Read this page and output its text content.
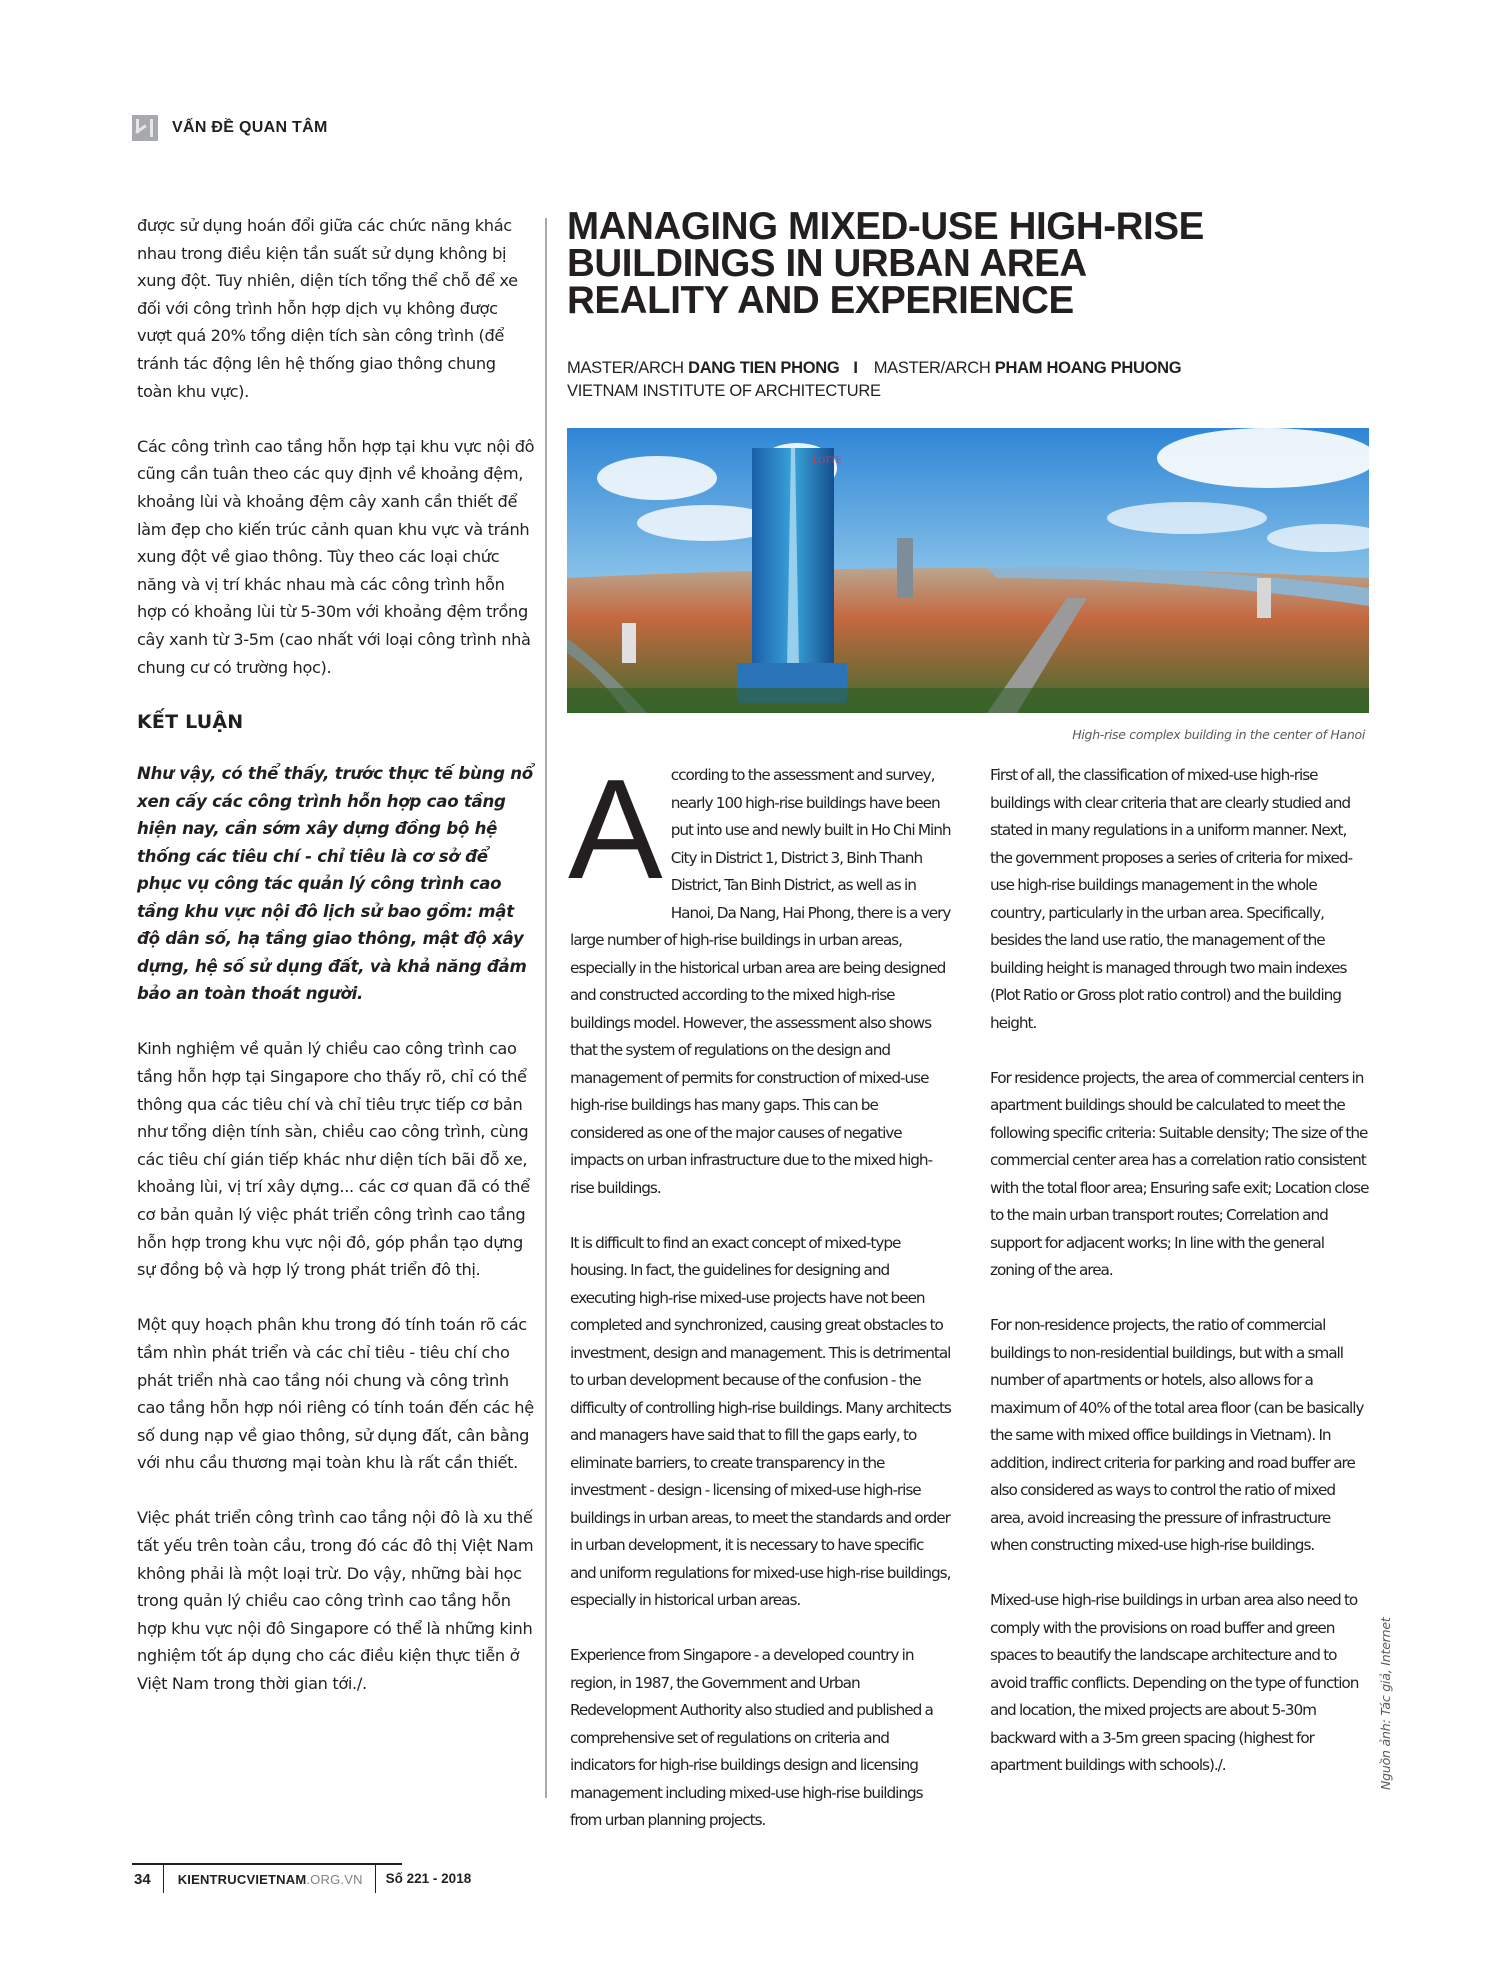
VẤN ĐỀ QUAN TÂM

được sử dụng hoán đổi giữa các chức năng khác nhau trong điều kiện tần suất sử dụng không bị xung đột. Tuy nhiên, diện tích tổng thể chỗ để xe đối với công trình hỗn hợp dịch vụ không được vượt quá 20% tổng diện tích sàn công trình (để tránh tác động lên hệ thống giao thông chung toàn khu vực).

Các công trình cao tầng hỗn hợp tại khu vực nội đô cũng cần tuân theo các quy định về khoảng đệm, khoảng lùi và khoảng đệm cây xanh cần thiết để làm đẹp cho kiến trúc cảnh quan khu vực và tránh xung đột về giao thông. Tùy theo các loại chức năng và vị trí khác nhau mà các công trình hỗn hợp có khoảng lùi từ 5-30m với khoảng đệm trồng cây xanh từ 3-5m (cao nhất với loại công trình nhà chung cư có trường học).

KẾT LUẬN

Như vậy, có thể thấy, trước thực tế bùng nổ xen cấy các công trình hỗn hợp cao tầng hiện nay, cần sớm xây dựng đồng bộ hệ thống các tiêu chí - chỉ tiêu là cơ sở để phục vụ công tác quản lý công trình cao tầng khu vực nội đô lịch sử bao gồm: mật độ dân số, hạ tầng giao thông, mật độ xây dựng, hệ số sử dụng đất, và khả năng đảm bảo an toàn thoát người.

Kinh nghiệm về quản lý chiều cao công trình cao tầng hỗn hợp tại Singapore cho thấy rõ, chỉ có thể thông qua các tiêu chí và chỉ tiêu trực tiếp cơ bản như tổng diện tính sàn, chiều cao công trình, cùng các tiêu chí gián tiếp khác như diện tích bãi đỗ xe, khoảng lùi, vị trí xây dựng... các cơ quan đã có thể cơ bản quản lý việc phát triển công trình cao tầng hỗn hợp trong khu vực nội đô, góp phần tạo dựng sự đồng bộ và hợp lý trong phát triển đô thị.

Một quy hoạch phân khu trong đó tính toán rõ các tầm nhìn phát triển và các chỉ tiêu - tiêu chí cho phát triển nhà cao tầng nói chung và công trình cao tầng hỗn hợp nói riêng có tính toán đến các hệ số dung nạp về giao thông, sử dụng đất, cân bằng với nhu cầu thương mại toàn khu là rất cần thiết.

Việc phát triển công trình cao tầng nội đô là xu thế tất yếu trên toàn cầu, trong đó các đô thị Việt Nam không phải là một loại trừ. Do vậy, những bài học trong quản lý chiều cao công trình cao tầng hỗn hợp khu vực nội đô Singapore có thể là những kinh nghiệm tốt áp dụng cho các điều kiện thực tiễn ở Việt Nam trong thời gian tới./.

MANAGING MIXED-USE HIGH-RISE
BUILDINGS IN URBAN AREA
REALITY AND EXPERIENCE
MASTER/ARCH DANG TIEN PHONG I MASTER/ARCH PHAM HOANG PHUONG
VIETNAM INSTITUTE OF ARCHITECTURE
LOTTE
High-rise complex building in the center of Hanoi

According to the assessment and survey, nearly 100 high-rise buildings have been put into use and newly built in Ho Chi Minh City in District 1, District 3, Binh Thanh District, Tan Binh District, as well as in Hanoi, Da Nang, Hai Phong, there is a very large number of high-rise buildings in urban areas, especially in the historical urban area are being designed and constructed according to the mixed high-rise buildings model. However, the assessment also shows that the system of regulations on the design and management of permits for construction of mixed-use high-rise buildings has many gaps. This can be considered as one of the major causes of negative impacts on urban infrastructure due to the mixed high-rise buildings.

It is difficult to find an exact concept of mixed-type housing. In fact, the guidelines for designing and executing high-rise mixed-use projects have not been completed and synchronized, causing great obstacles to investment, design and management. This is detrimental to urban development because of the confusion - the difficulty of controlling high-rise buildings. Many architects and managers have said that to fill the gaps early, to eliminate barriers, to create transparency in the investment - design - licensing of mixed-use high-rise buildings in urban areas, to meet the standards and order in urban development, it is necessary to have specific and uniform regulations for mixed-use high-rise buildings, especially in historical urban areas.

Experience from Singapore - a developed country in region, in 1987, the Government and Urban Redevelopment Authority also studied and published a comprehensive set of regulations on criteria and indicators for high-rise buildings design and licensing management including mixed-use high-rise buildings from urban planning projects.

First of all, the classification of mixed-use high-rise buildings with clear criteria that are clearly studied and stated in many regulations in a uniform manner. Next, the government proposes a series of criteria for mixed-use high-rise buildings management in the whole country, particularly in the urban area. Specifically, besides the land use ratio, the management of the building height is managed through two main indexes (Plot Ratio or Gross plot ratio control) and the building height.

For residence projects, the area of commercial centers in apartment buildings should be calculated to meet the following specific criteria: Suitable density; The size of the commercial center area has a correlation ratio consistent with the total floor area; Ensuring safe exit; Location close to the main urban transport routes; Correlation and support for adjacent works; In line with the general zoning of the area.

For non-residence projects, the ratio of commercial buildings to non-residential buildings, but with a small number of apartments or hotels, also allows for a maximum of 40% of the total area floor (can be basically the same with mixed office buildings in Vietnam). In addition, indirect criteria for parking and road buffer are also considered as ways to control the ratio of mixed area, avoid increasing the pressure of infrastructure when constructing mixed-use high-rise buildings.

Mixed-use high-rise buildings in urban area also need to comply with the provisions on road buffer and green spaces to beautify the landscape architecture and to avoid traffic conflicts. Depending on the type of function and location, the mixed projects are about 5-30m backward with a 3-5m green spacing (highest for apartment buildings with schools)./.	Nguồn ảnh: Tác giả, Internet
34	KIENTRUCVIETNAM.ORG.VN	Số 221 - 2018
